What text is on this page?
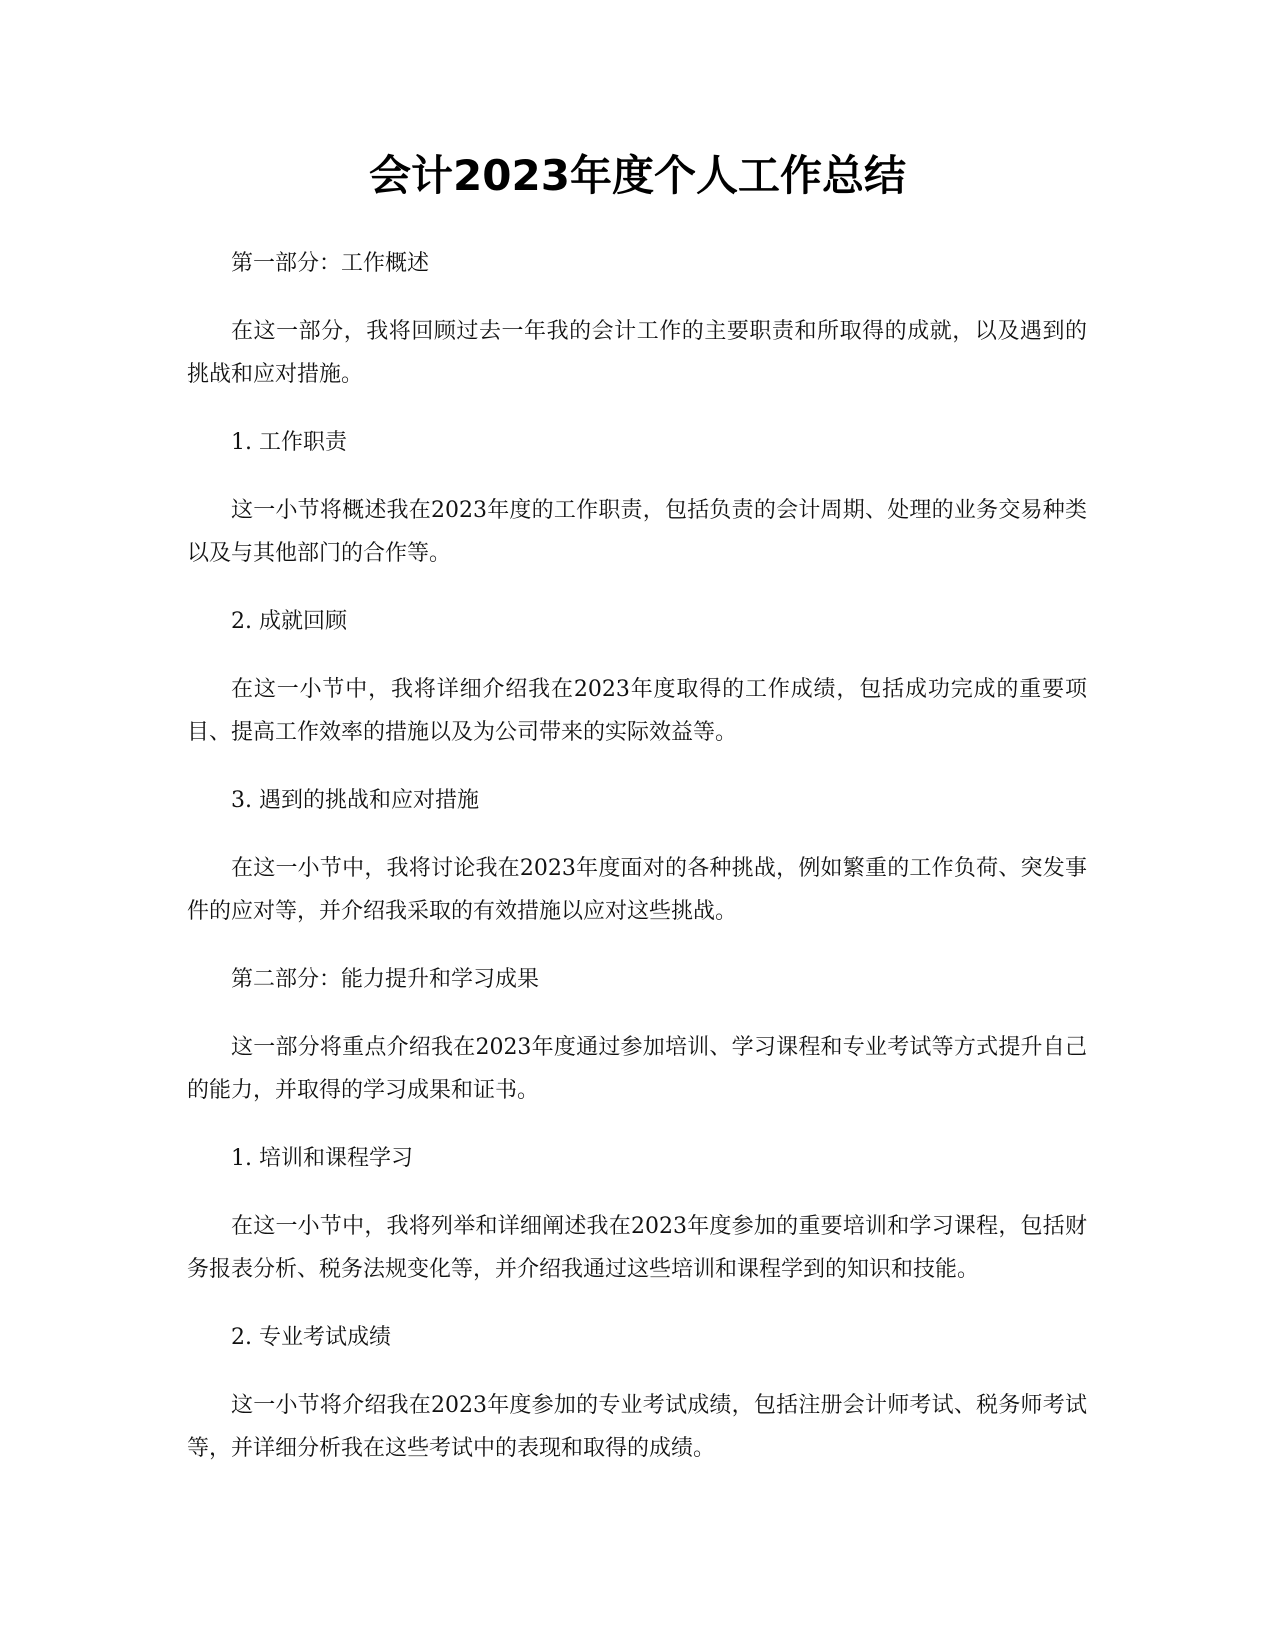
会计2023年度个人工作总结

第一部分：工作概述

在这一部分，我将回顾过去一年我的会计工作的主要职责和所取得的成就，以及遇到的挑战和应对措施。

1. 工作职责

这一小节将概述我在2023年度的工作职责，包括负责的会计周期、处理的业务交易种类以及与其他部门的合作等。

2. 成就回顾

在这一小节中，我将详细介绍我在2023年度取得的工作成绩，包括成功完成的重要项目、提高工作效率的措施以及为公司带来的实际效益等。

3. 遇到的挑战和应对措施

在这一小节中，我将讨论我在2023年度面对的各种挑战，例如繁重的工作负荷、突发事件的应对等，并介绍我采取的有效措施以应对这些挑战。

第二部分：能力提升和学习成果

这一部分将重点介绍我在2023年度通过参加培训、学习课程和专业考试等方式提升自己的能力，并取得的学习成果和证书。

1. 培训和课程学习

在这一小节中，我将列举和详细阐述我在2023年度参加的重要培训和学习课程，包括财务报表分析、税务法规变化等，并介绍我通过这些培训和课程学到的知识和技能。

2. 专业考试成绩

这一小节将介绍我在2023年度参加的专业考试成绩，包括注册会计师考试、税务师考试等，并详细分析我在这些考试中的表现和取得的成绩。
